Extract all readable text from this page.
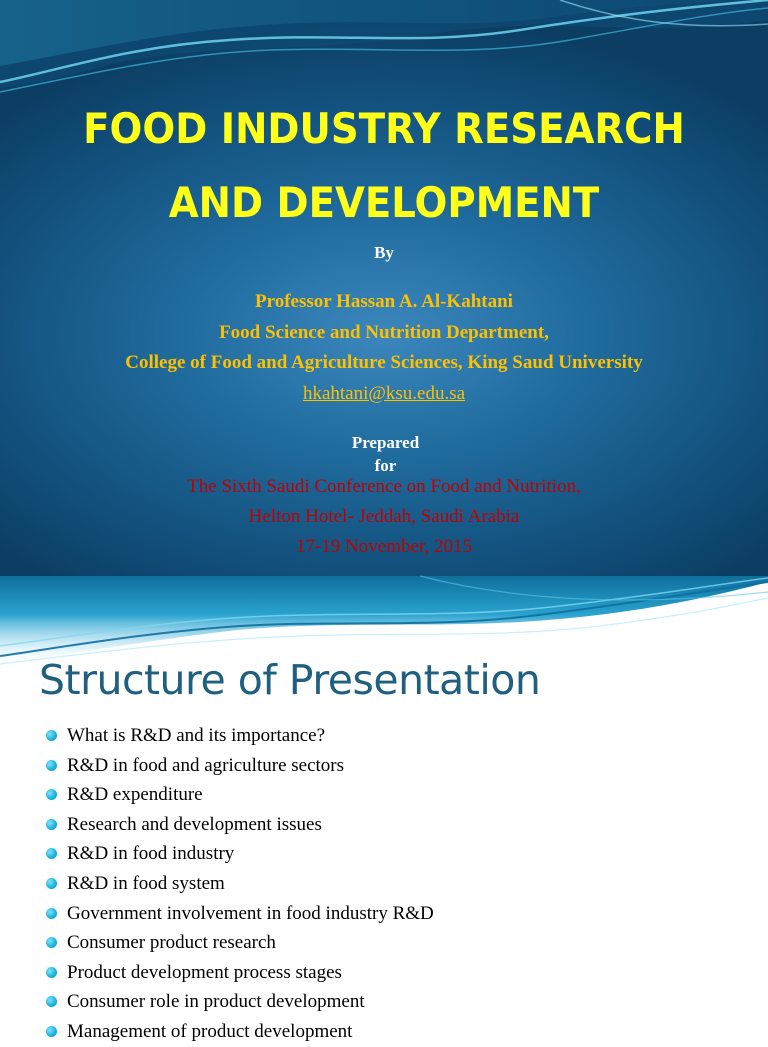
FOOD INDUSTRY RESEARCH
AND DEVELOPMENT
By
Professor Hassan A. Al-Kahtani
Food Science and Nutrition Department,
College of Food and Agriculture Sciences, King Saud University
hkahtani@ksu.edu.sa
Prepared
for
The Sixth Saudi Conference on Food and Nutrition,
Helton Hotel- Jeddah, Saudi Arabia
17-19 November, 2015
Structure of Presentation
What is R&D and its importance?
R&D in food and agriculture sectors
R&D expenditure
Research and development issues
R&D in food industry
R&D in food system
Government involvement in food industry R&D
Consumer product research
Product development process stages
Consumer role in product development
Management of product development
